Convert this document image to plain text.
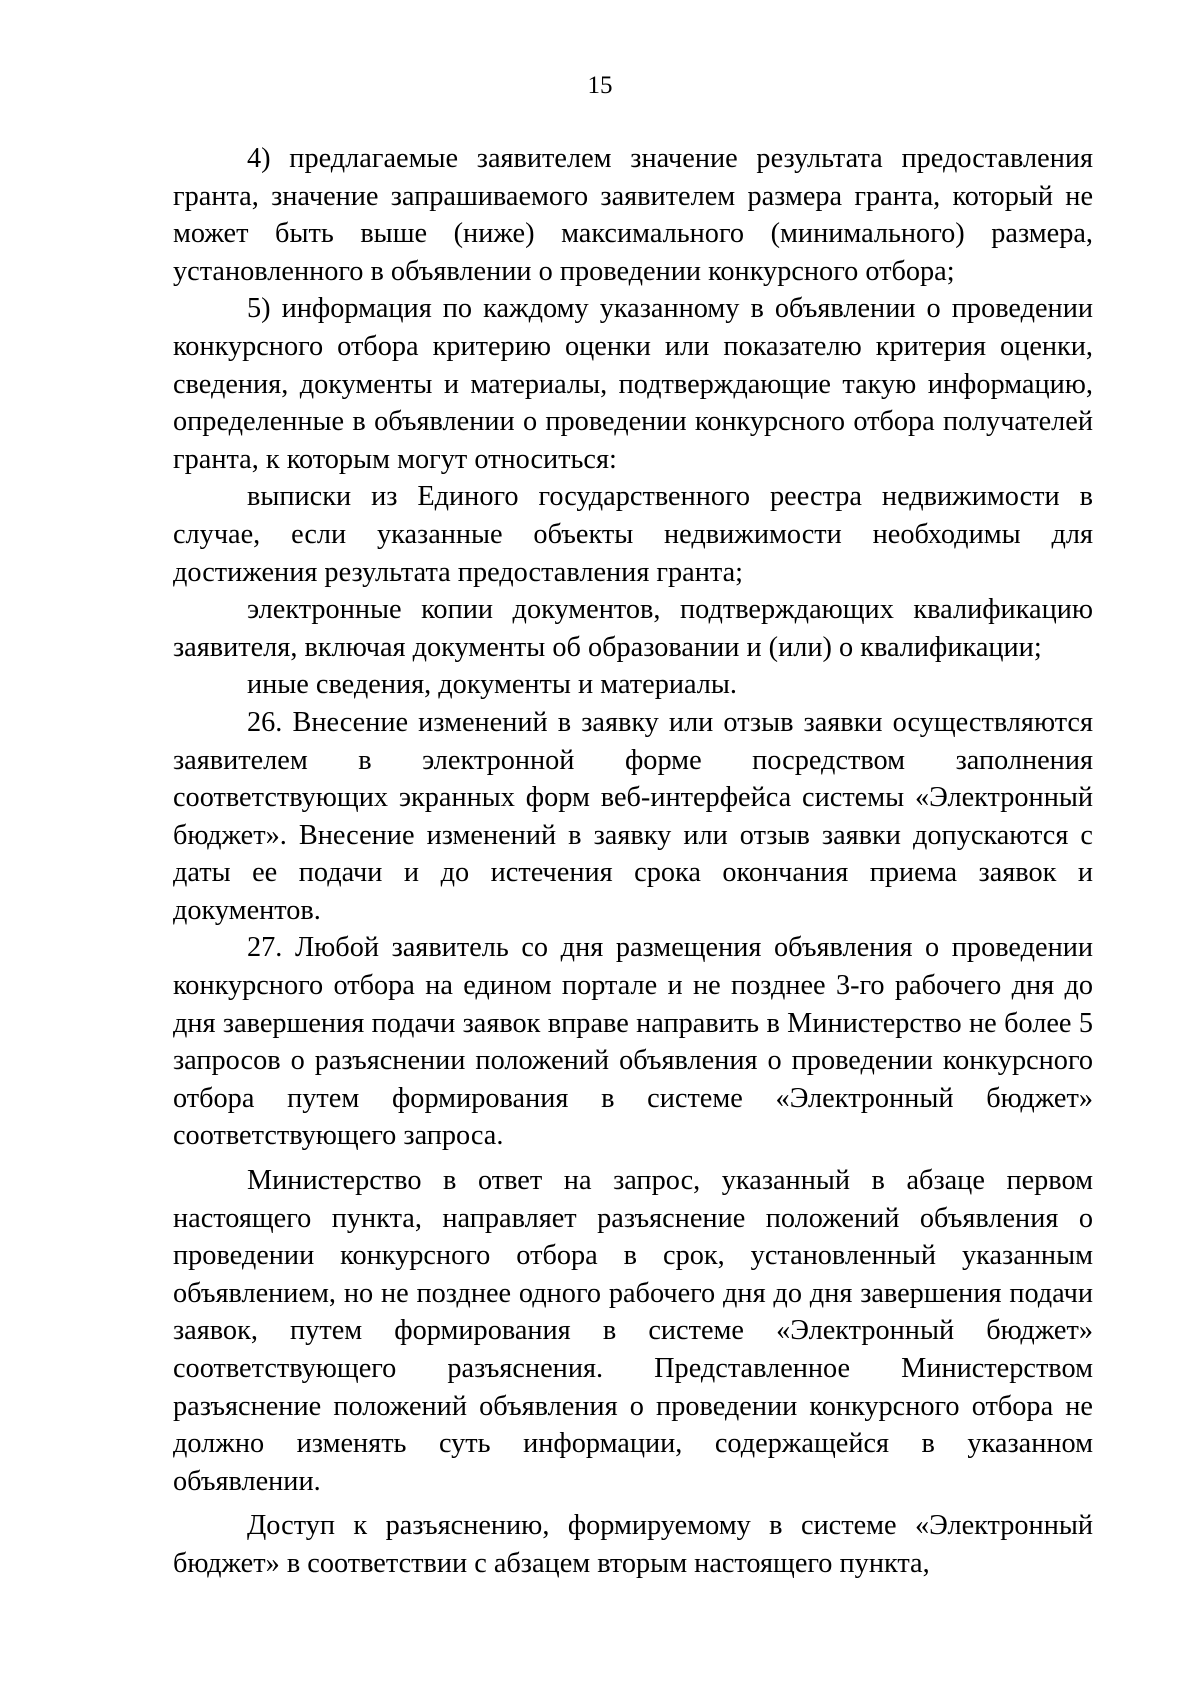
15

4) предлагаемые заявителем значение результата предоставления гранта, значение запрашиваемого заявителем размера гранта, который не может быть выше (ниже) максимального (минимального) размера, установленного в объявлении о проведении конкурсного отбора;

5) информация по каждому указанному в объявлении о проведении конкурсного отбора критерию оценки или показателю критерия оценки, сведения, документы и материалы, подтверждающие такую информацию, определенные в объявлении о проведении конкурсного отбора получателей гранта, к которым могут относиться:

выписки из Единого государственного реестра недвижимости в случае, если указанные объекты недвижимости необходимы для достижения результата предоставления гранта;

электронные копии документов, подтверждающих квалификацию заявителя, включая документы об образовании и (или) о квалификации;

иные сведения, документы и материалы.

26. Внесение изменений в заявку или отзыв заявки осуществляются заявителем в электронной форме посредством заполнения соответствующих экранных форм веб-интерфейса системы «Электронный бюджет». Внесение изменений в заявку или отзыв заявки допускаются с даты ее подачи и до истечения срока окончания приема заявок и документов.

27. Любой заявитель со дня размещения объявления о проведении конкурсного отбора на едином портале и не позднее 3-го рабочего дня до дня завершения подачи заявок вправе направить в Министерство не более 5 запросов о разъяснении положений объявления о проведении конкурсного отбора путем формирования в системе «Электронный бюджет» соответствующего запроса.

Министерство в ответ на запрос, указанный в абзаце первом настоящего пункта, направляет разъяснение положений объявления о проведении конкурсного отбора в срок, установленный указанным объявлением, но не позднее одного рабочего дня до дня завершения подачи заявок, путем формирования в системе «Электронный бюджет» соответствующего разъяснения. Представленное Министерством разъяснение положений объявления о проведении конкурсного отбора не должно изменять суть информации, содержащейся в указанном объявлении.

Доступ к разъяснению, формируемому в системе «Электронный бюджет» в соответствии с абзацем вторым настоящего пункта,
